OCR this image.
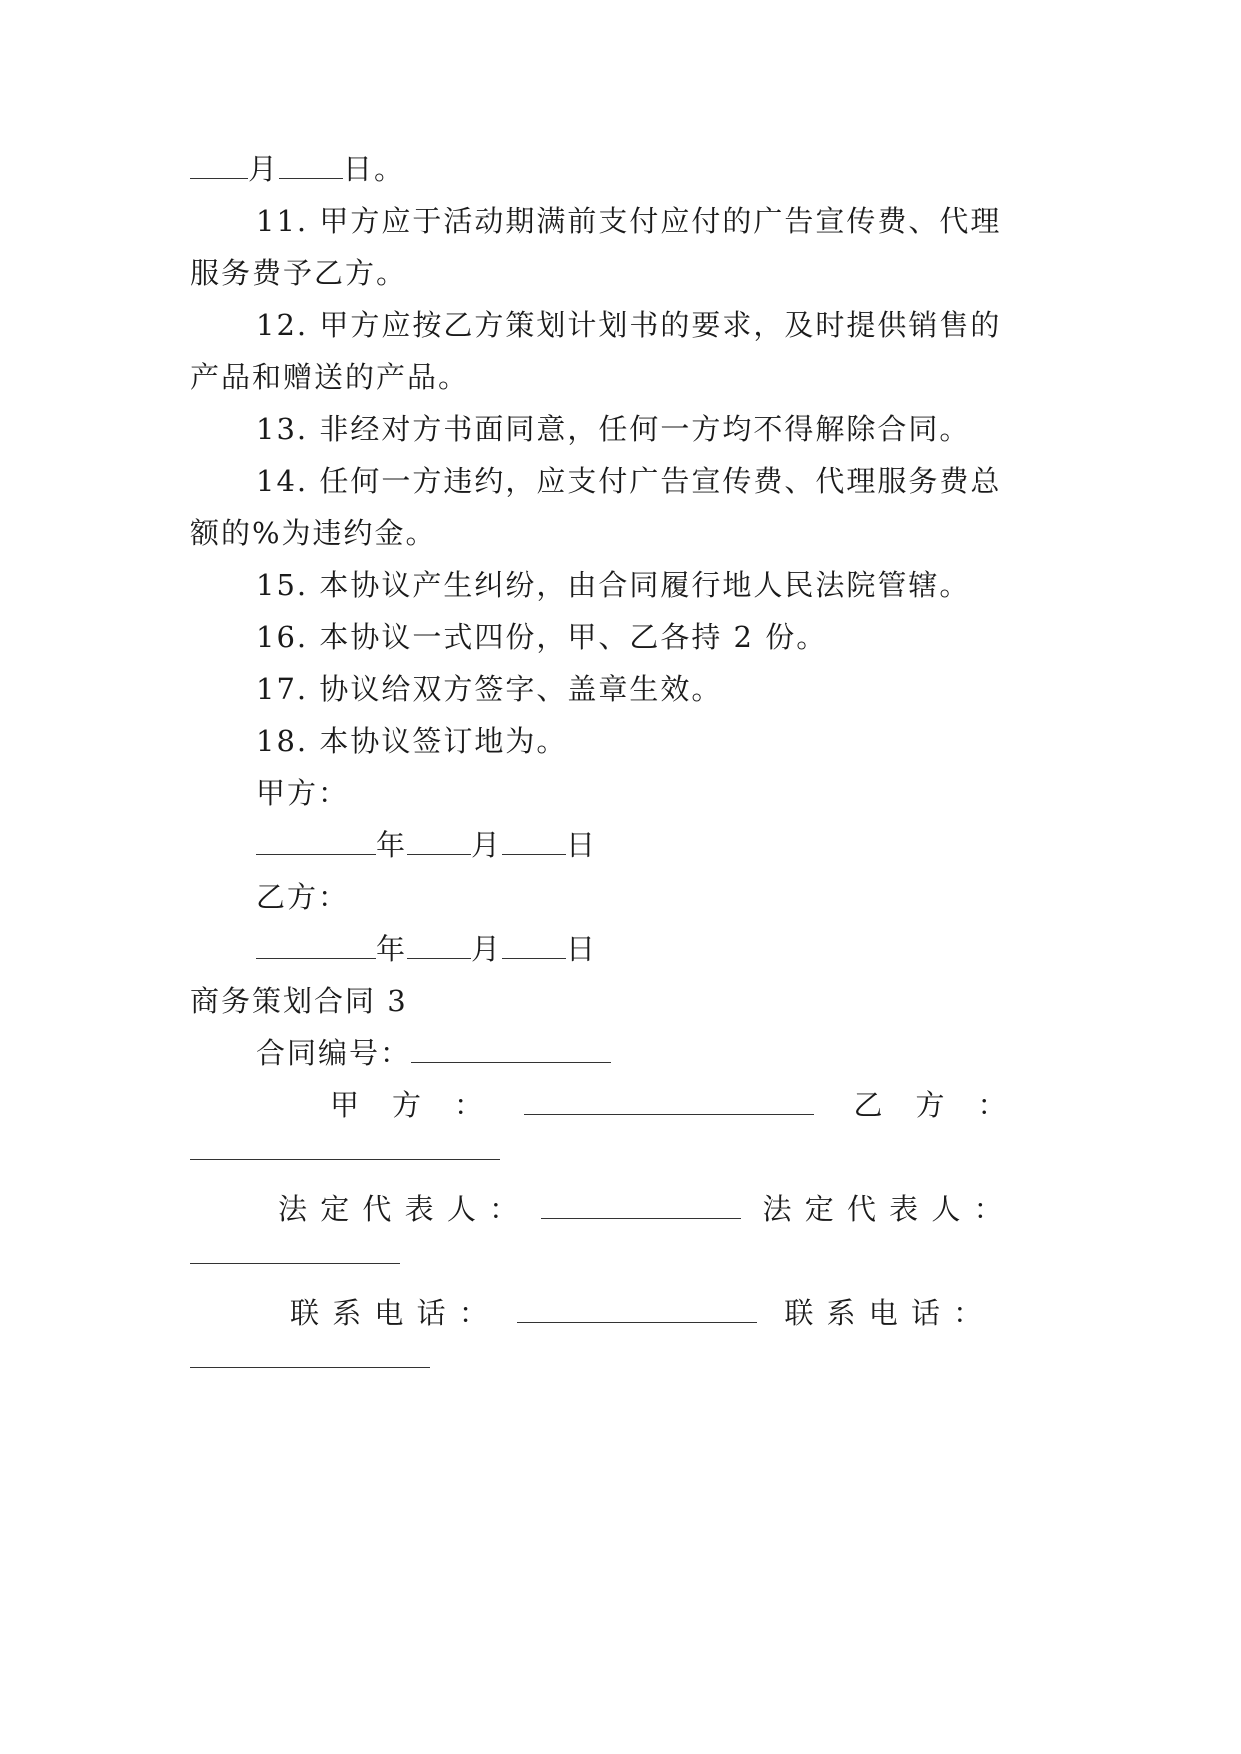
月 日。
11. 甲方应于活动期满前支付应付的广告宣传费、代理
服务费予乙方。
12. 甲方应按乙方策划计划书的要求，及时提供销售的
产品和赠送的产品。
13. 非经对方书面同意，任何一方均不得解除合同。
14. 任何一方违约，应支付广告宣传费、代理服务费总
额的%为违约金。
15. 本协议产生纠纷，由合同履行地人民法院管辖。
16. 本协议一式四份，甲、乙各持 2 份。
17. 协议给双方签字、盖章生效。
18. 本协议签订地为。
甲方：
年 月 日
乙方：
年 月 日
商务策划合同 3
合同编号：
甲　方　：	乙　方　：
法 定 代 表 人 ：	法 定 代 表 人 ：
联 系 电 话 ：	联 系 电 话 ：
